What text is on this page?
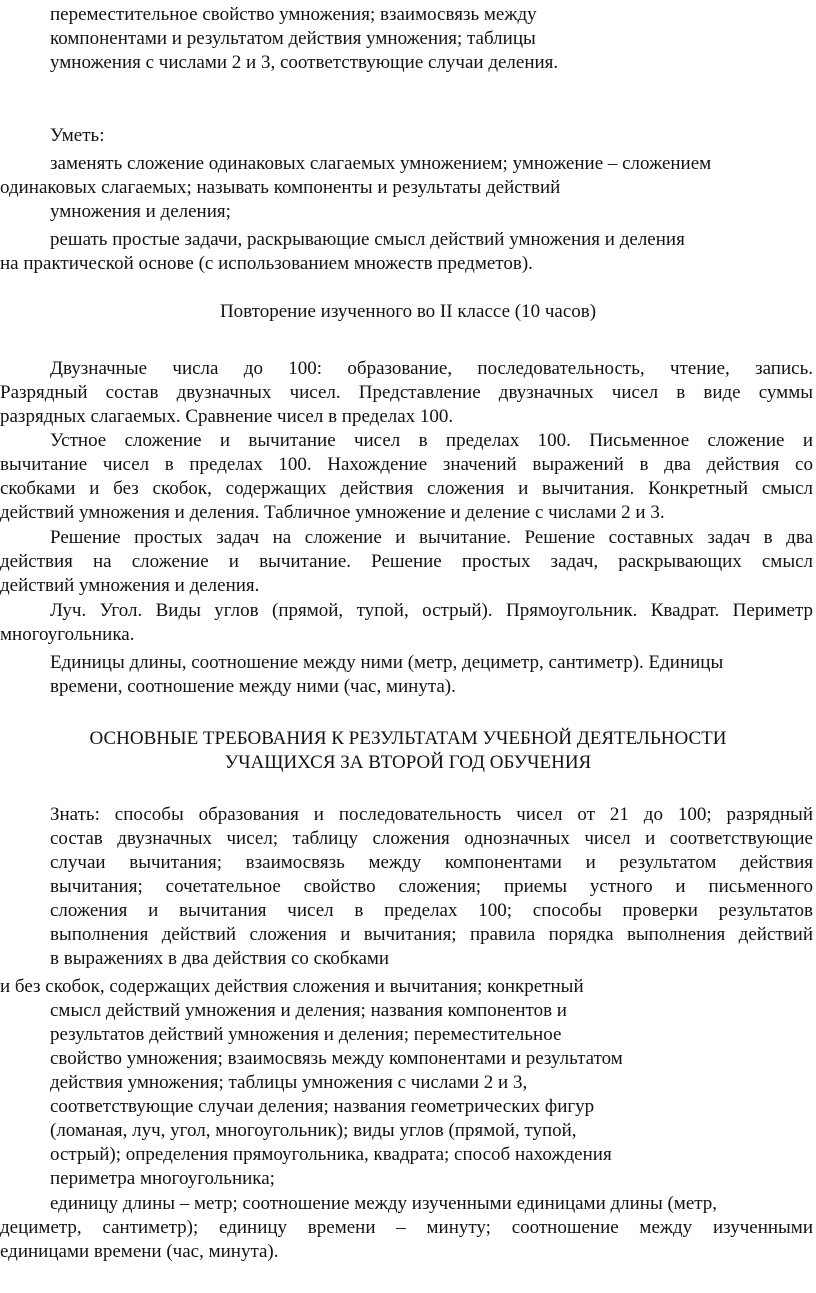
переместительное свойство умножения; взаимосвязь между
компонентами и результатом действия умножения; таблицы
умножения с числами 2 и 3, соответствующие случаи деления.
Уметь:
заменять сложение одинаковых слагаемых умножением; умножение – сложением
одинаковых слагаемых; называть компоненты и результаты действий
умножения и деления;
решать простые задачи, раскрывающие смысл действий умножения и деления
на практической основе (с использованием множеств предметов).
Повторение изученного во II классе (10 часов)
Двузначные числа до 100: образование, последовательность, чтение, запись.
Разрядный состав двузначных чисел. Представление двузначных чисел в виде суммы
разрядных слагаемых. Сравнение чисел в пределах 100.
Устное сложение и вычитание чисел в пределах 100. Письменное сложение и
вычитание чисел в пределах 100. Нахождение значений выражений в два действия со
скобками и без скобок, содержащих действия сложения и вычитания. Конкретный смысл
действий умножения и деления. Табличное умножение и деление с числами 2 и 3.
Решение простых задач на сложение и вычитание. Решение составных задач в два
действия на сложение и вычитание. Решение простых задач, раскрывающих смысл
действий умножения и деления.
Луч. Угол. Виды углов (прямой, тупой, острый). Прямоугольник. Квадрат. Периметр
многоугольника.
Единицы длины, соотношение между ними (метр, дециметр, сантиметр). Единицы
времени, соотношение между ними (час, минута).
ОСНОВНЫЕ ТРЕБОВАНИЯ К РЕЗУЛЬТАТАМ УЧЕБНОЙ ДЕЯТЕЛЬНОСТИ
УЧАЩИХСЯ ЗА ВТОРОЙ ГОД ОБУЧЕНИЯ
Знать: способы образования и последовательность чисел от 21 до 100; разрядный
состав двузначных чисел; таблицу сложения однозначных чисел и соответствующие
случаи вычитания; взаимосвязь между компонентами и результатом действия
вычитания; сочетательное свойство сложения; приемы устного и письменного
сложения и вычитания чисел в пределах 100; способы проверки результатов
выполнения действий сложения и вычитания; правила порядка выполнения действий
в выражениях в два действия со скобками
и без скобок, содержащих действия сложения и вычитания; конкретный
смысл действий умножения и деления; названия компонентов и
результатов действий умножения и деления; переместительное
свойство умножения; взаимосвязь между компонентами и результатом
действия умножения; таблицы умножения с числами 2 и 3,
соответствующие случаи деления; названия геометрических фигур
(ломаная, луч, угол, многоугольник); виды углов (прямой, тупой,
острый); определения прямоугольника, квадрата; способ нахождения
периметра многоугольника;
единицу длины – метр; соотношение между изученными единицами длины (метр,
дециметр, сантиметр); единицу времени – минуту; соотношение между изученными
единицами времени (час, минута).
